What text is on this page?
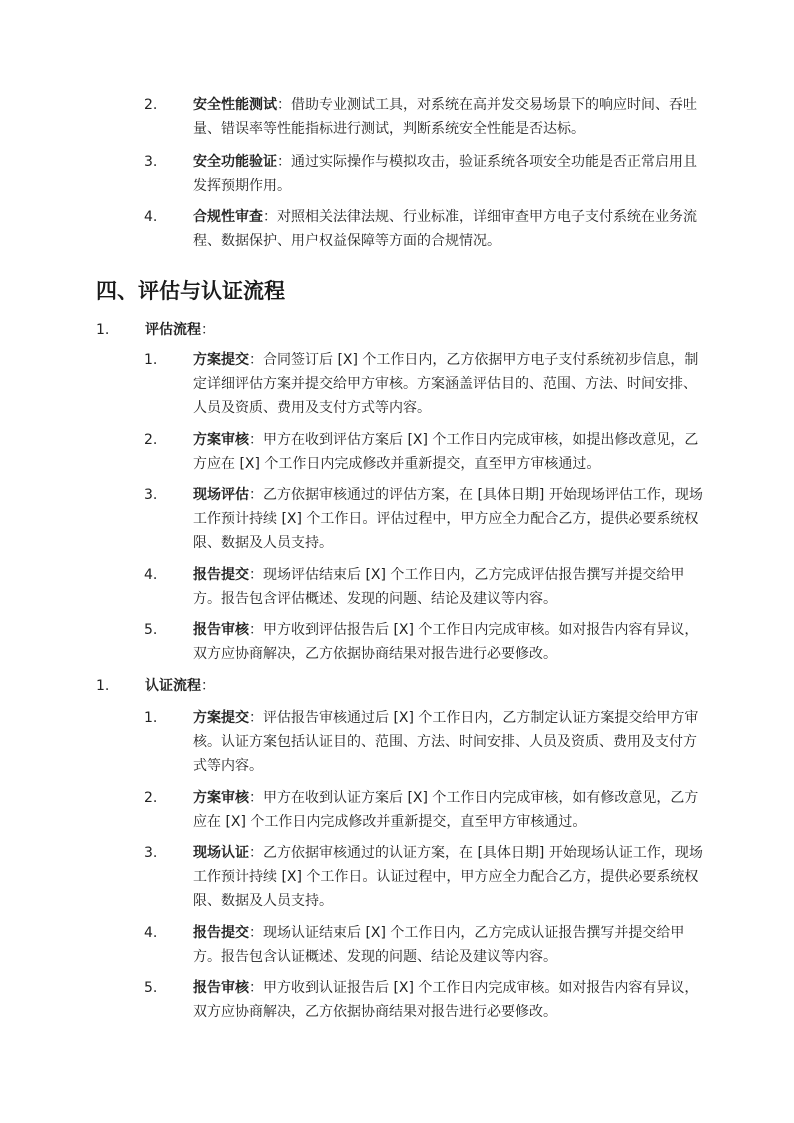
2.	安全性能测试：借助专业测试工具，对系统在高并发交易场景下的响应时间、吞吐量、错误率等性能指标进行测试，判断系统安全性能是否达标。
3.	安全功能验证：通过实际操作与模拟攻击，验证系统各项安全功能是否正常启用且发挥预期作用。
4.	合规性审查：对照相关法律法规、行业标准，详细审查甲方电子支付系统在业务流程、数据保护、用户权益保障等方面的合规情况。
四、评估与认证流程
1.	评估流程：
1.	方案提交：合同签订后 [X] 个工作日内，乙方依据甲方电子支付系统初步信息，制定详细评估方案并提交给甲方审核。方案涵盖评估目的、范围、方法、时间安排、人员及资质、费用及支付方式等内容。
2.	方案审核：甲方在收到评估方案后 [X] 个工作日内完成审核，如提出修改意见，乙方应在 [X] 个工作日内完成修改并重新提交，直至甲方审核通过。
3.	现场评估：乙方依据审核通过的评估方案，在 [具体日期] 开始现场评估工作，现场工作预计持续 [X] 个工作日。评估过程中，甲方应全力配合乙方，提供必要系统权限、数据及人员支持。
4.	报告提交：现场评估结束后 [X] 个工作日内，乙方完成评估报告撰写并提交给甲方。报告包含评估概述、发现的问题、结论及建议等内容。
5.	报告审核：甲方收到评估报告后 [X] 个工作日内完成审核。如对报告内容有异议，双方应协商解决，乙方依据协商结果对报告进行必要修改。
1.	认证流程：
1.	方案提交：评估报告审核通过后 [X] 个工作日内，乙方制定认证方案提交给甲方审核。认证方案包括认证目的、范围、方法、时间安排、人员及资质、费用及支付方式等内容。
2.	方案审核：甲方在收到认证方案后 [X] 个工作日内完成审核，如有修改意见，乙方应在 [X] 个工作日内完成修改并重新提交，直至甲方审核通过。
3.	现场认证：乙方依据审核通过的认证方案，在 [具体日期] 开始现场认证工作，现场工作预计持续 [X] 个工作日。认证过程中，甲方应全力配合乙方，提供必要系统权限、数据及人员支持。
4.	报告提交：现场认证结束后 [X] 个工作日内，乙方完成认证报告撰写并提交给甲方。报告包含认证概述、发现的问题、结论及建议等内容。
5.	报告审核：甲方收到认证报告后 [X] 个工作日内完成审核。如对报告内容有异议，双方应协商解决，乙方依据协商结果对报告进行必要修改。
